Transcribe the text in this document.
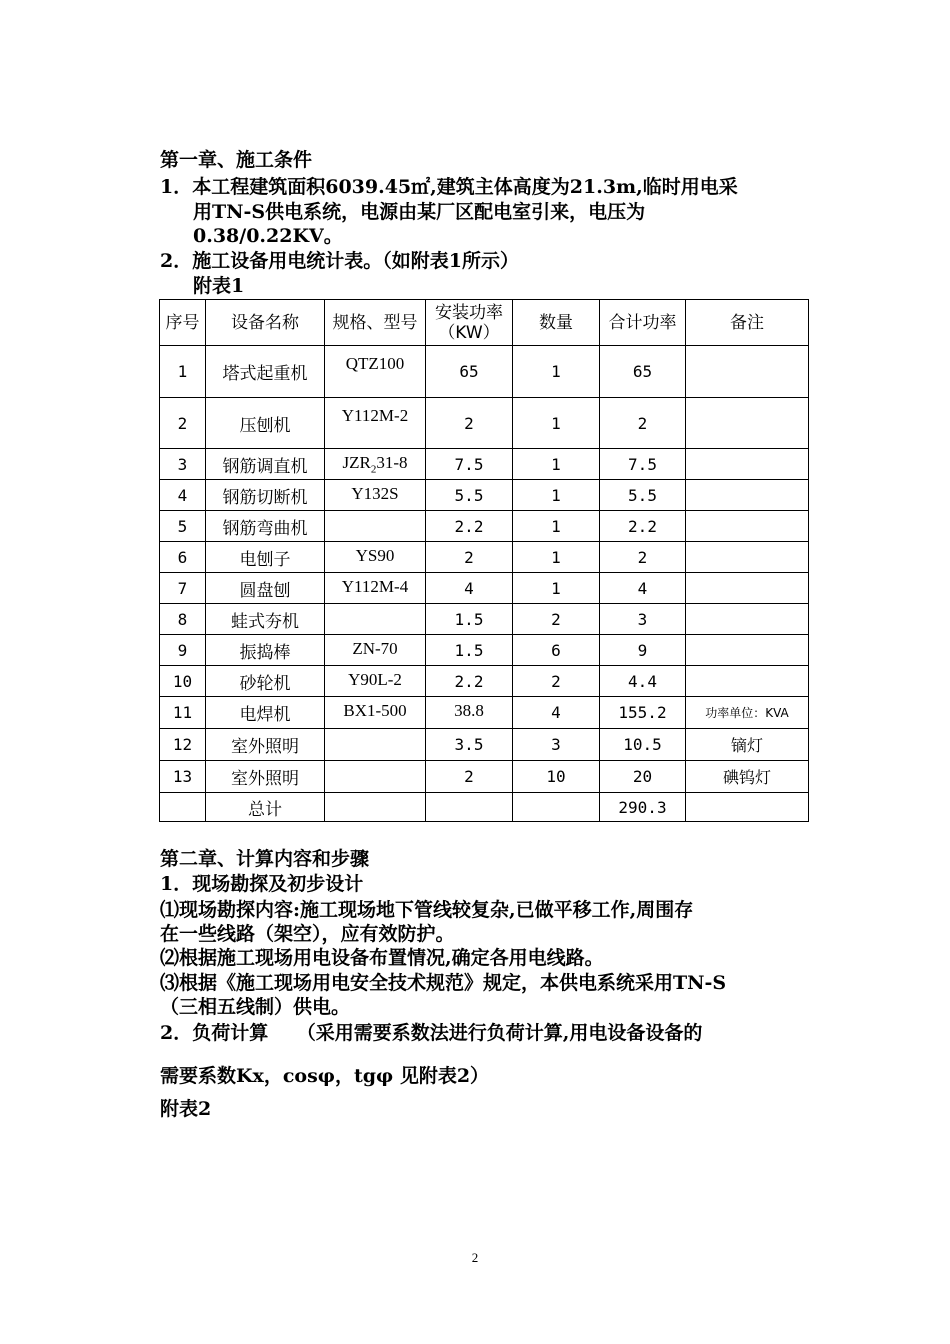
第一章、施工条件
1．本工程建筑面积6039.45㎡,建筑主体高度为21.3m,临时用电采
用TN-S供电系统，电源由某厂区配电室引来，电压为
0.38/0.22KV。
2．施工设备用电统计表。（如附表1所示）
附表1
序号	设备名称	规格、型号	安装功率（KW）	数量	合计功率	备注
1	塔式起重机	QTZ100	65	1	65	
2	压刨机	Y112M-2	2	1	2	
3	钢筋调直机	$JZR_231-8$	7.5	1	7.5	
4	钢筋切断机	Y132S	5.5	1	5.5	
5	钢筋弯曲机		2.2	1	2.2	
6	电刨子	YS90	2	1	2	
7	圆盘刨	Y112M-4	4	1	4	
8	蛙式夯机		1.5	2	3	
9	振捣棒	ZN-70	1.5	6	9	
10	砂轮机	Y90L-2	2.2	2	4.4	
11	电焊机	BX1-500	38.8	4	155.2	功率单位：KVA
12	室外照明		3.5	3	10.5	镝灯
13	室外照明		2	10	20	碘钨灯
	总计				290.3	
第二章、计算内容和步骤
1．现场勘探及初步设计
⑴现场勘探内容:施工现场地下管线较复杂,已做平移工作,周围存
在一些线路（架空），应有效防护。
⑵根据施工现场用电设备布置情况,确定各用电线路。
⑶根据《施工现场用电安全技术规范》规定，本供电系统采用TN-S
（三相五线制）供电。
2．负荷计算　　（采用需要系数法进行负荷计算,用电设备设备的
需要系数Kx，cosφ，tgφ 见附表2）
附表2
2
